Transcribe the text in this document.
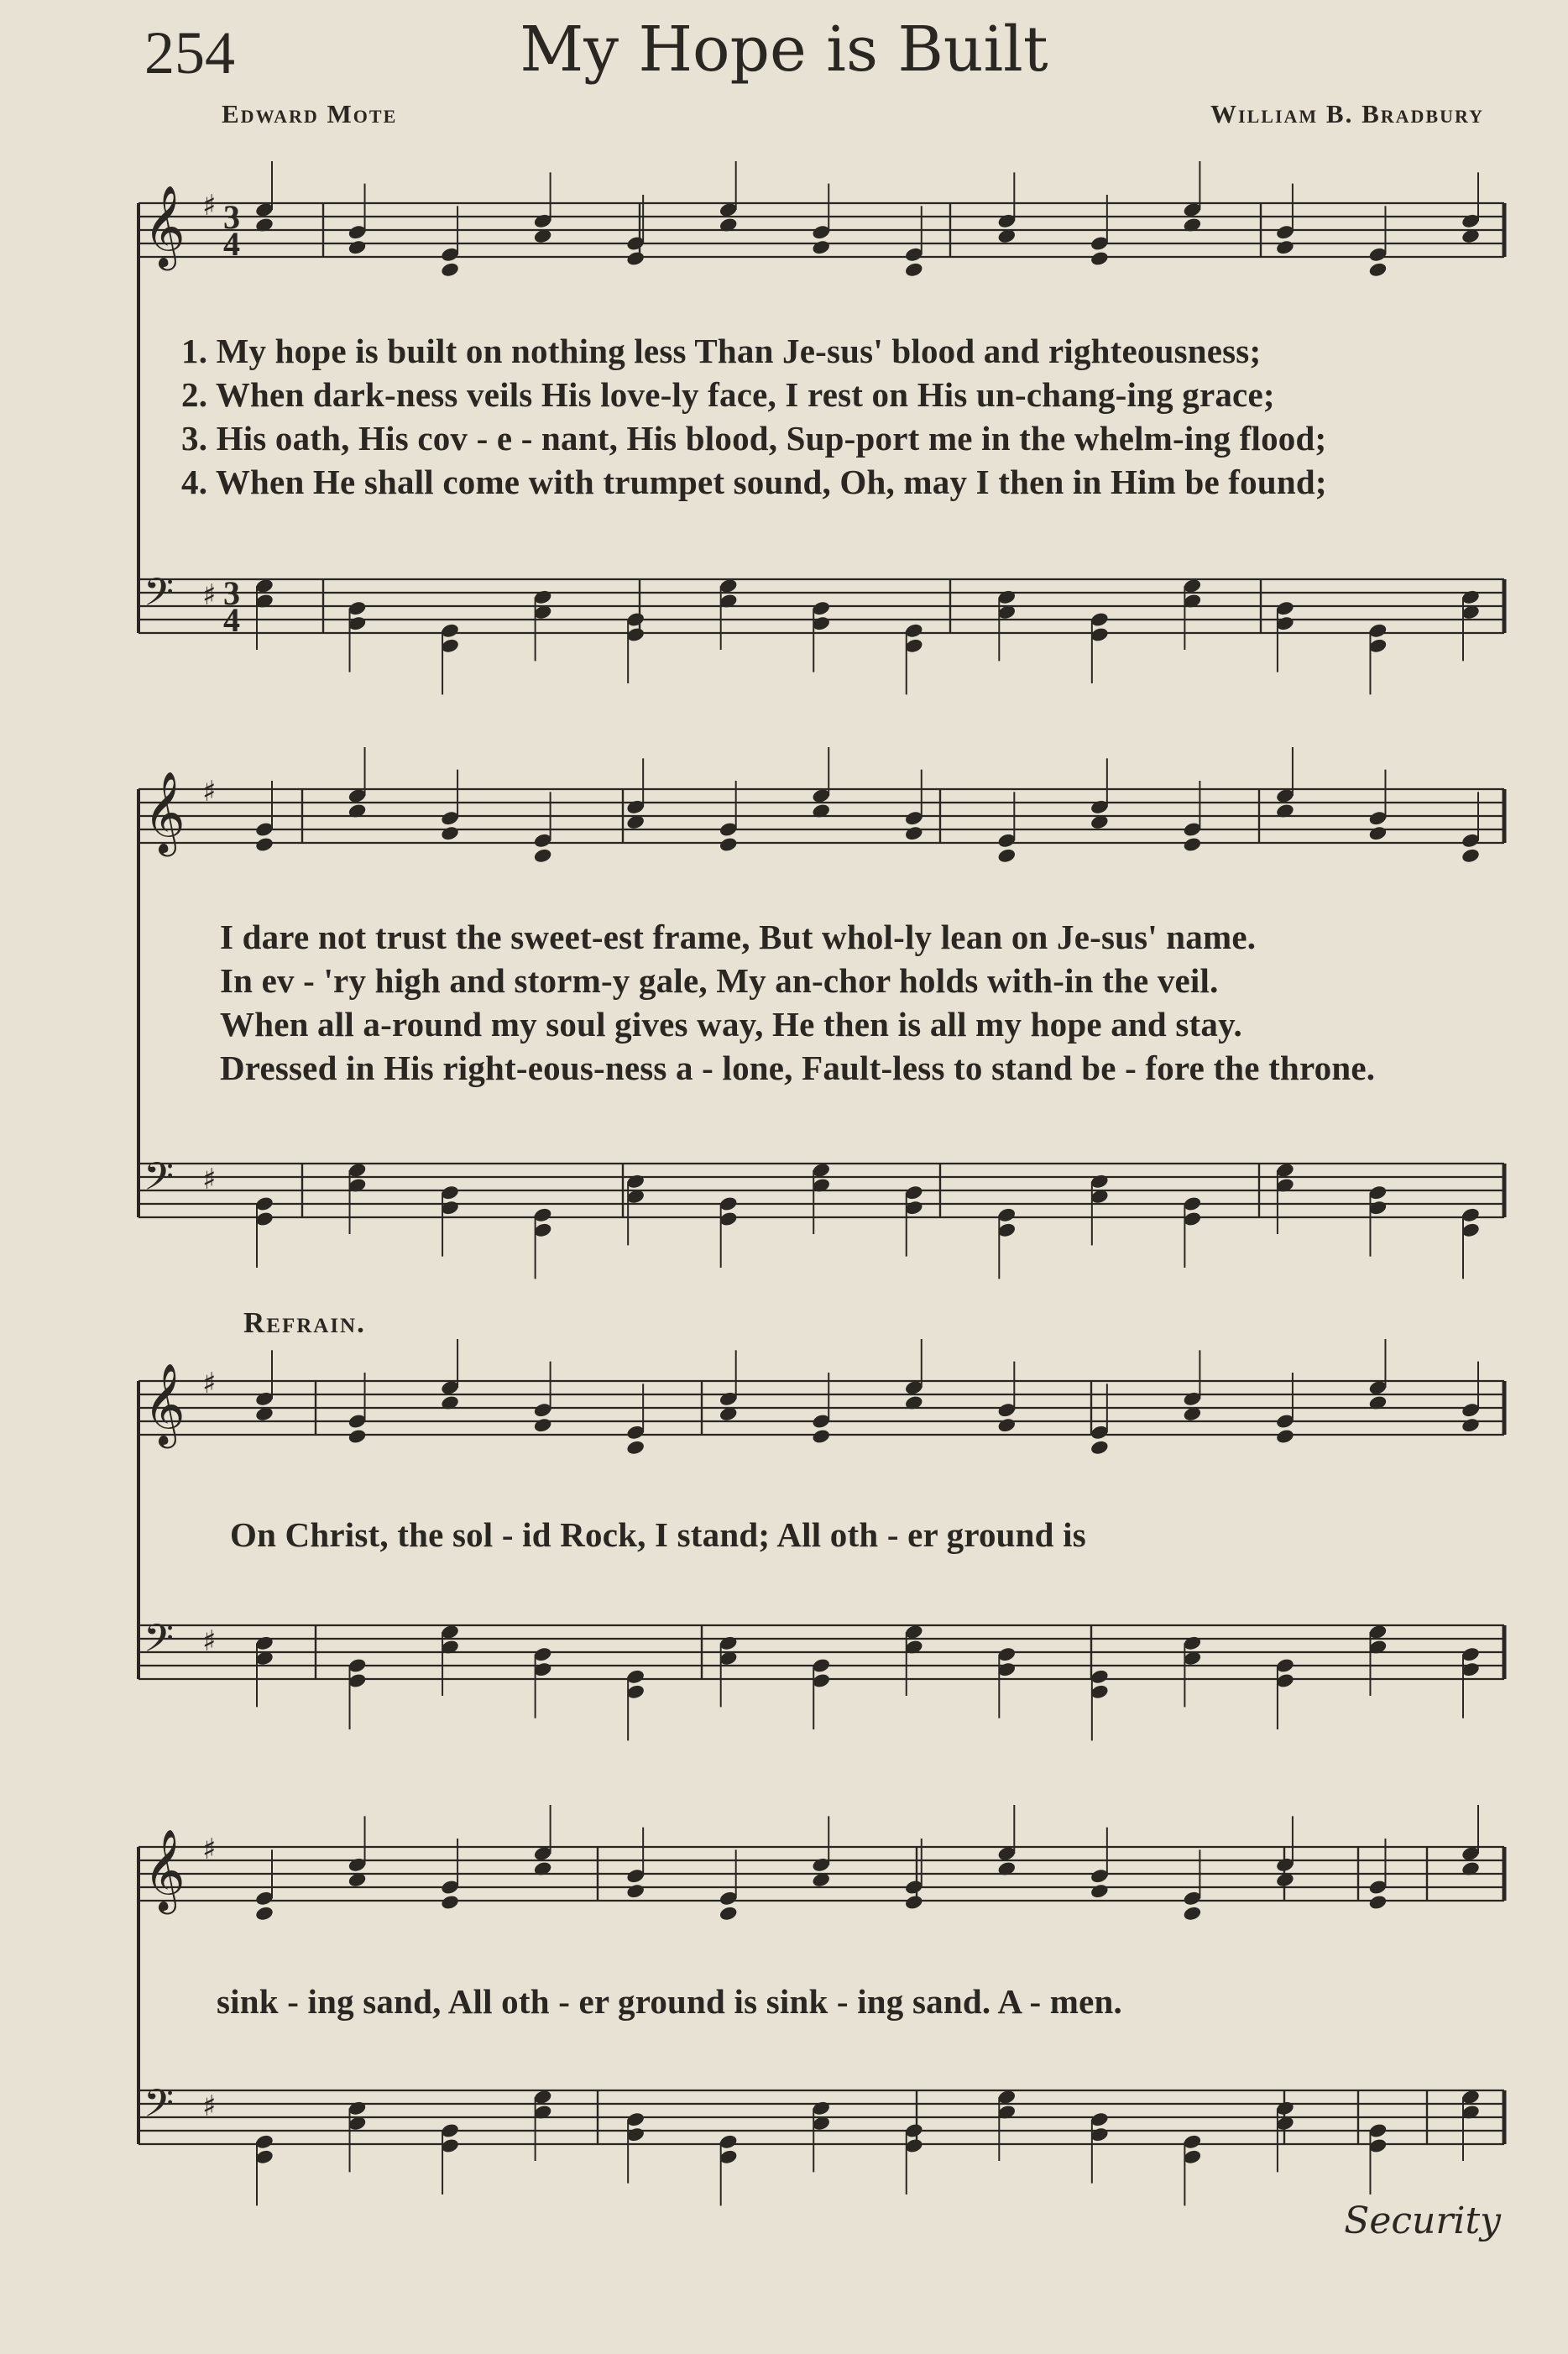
254	My Hope is Built
Edward Mote	William B. Bradbury
𝄞 ♯
𝄢 ♯
𝄞 ♯
𝄢 ♯
𝄞 ♯
𝄢 ♯
𝄞 ♯
𝄢 ♯
3
4
3
4
1. My hope is built on nothing less Than Je-sus' blood and righteousness;
2. When dark-ness veils His love-ly face, I rest on His un-chang-ing grace;
3. His oath, His cov - e - nant, His blood, Sup-port me in the whelm-ing flood;
4. When He shall come with trumpet sound, Oh, may I then in Him be found;
I dare not trust the sweet-est frame, But whol-ly lean on Je-sus' name.
In ev - 'ry high and storm-y gale, My an-chor holds with-in the veil.
When all a-round my soul gives way, He then is all my hope and stay.
Dressed in His right-eous-ness a - lone, Fault-less to stand be - fore the throne.
Refrain.
On Christ, the sol - id Rock, I stand; All oth - er ground is
sink - ing sand, All oth - er ground is sink - ing sand. A - men.
Security
